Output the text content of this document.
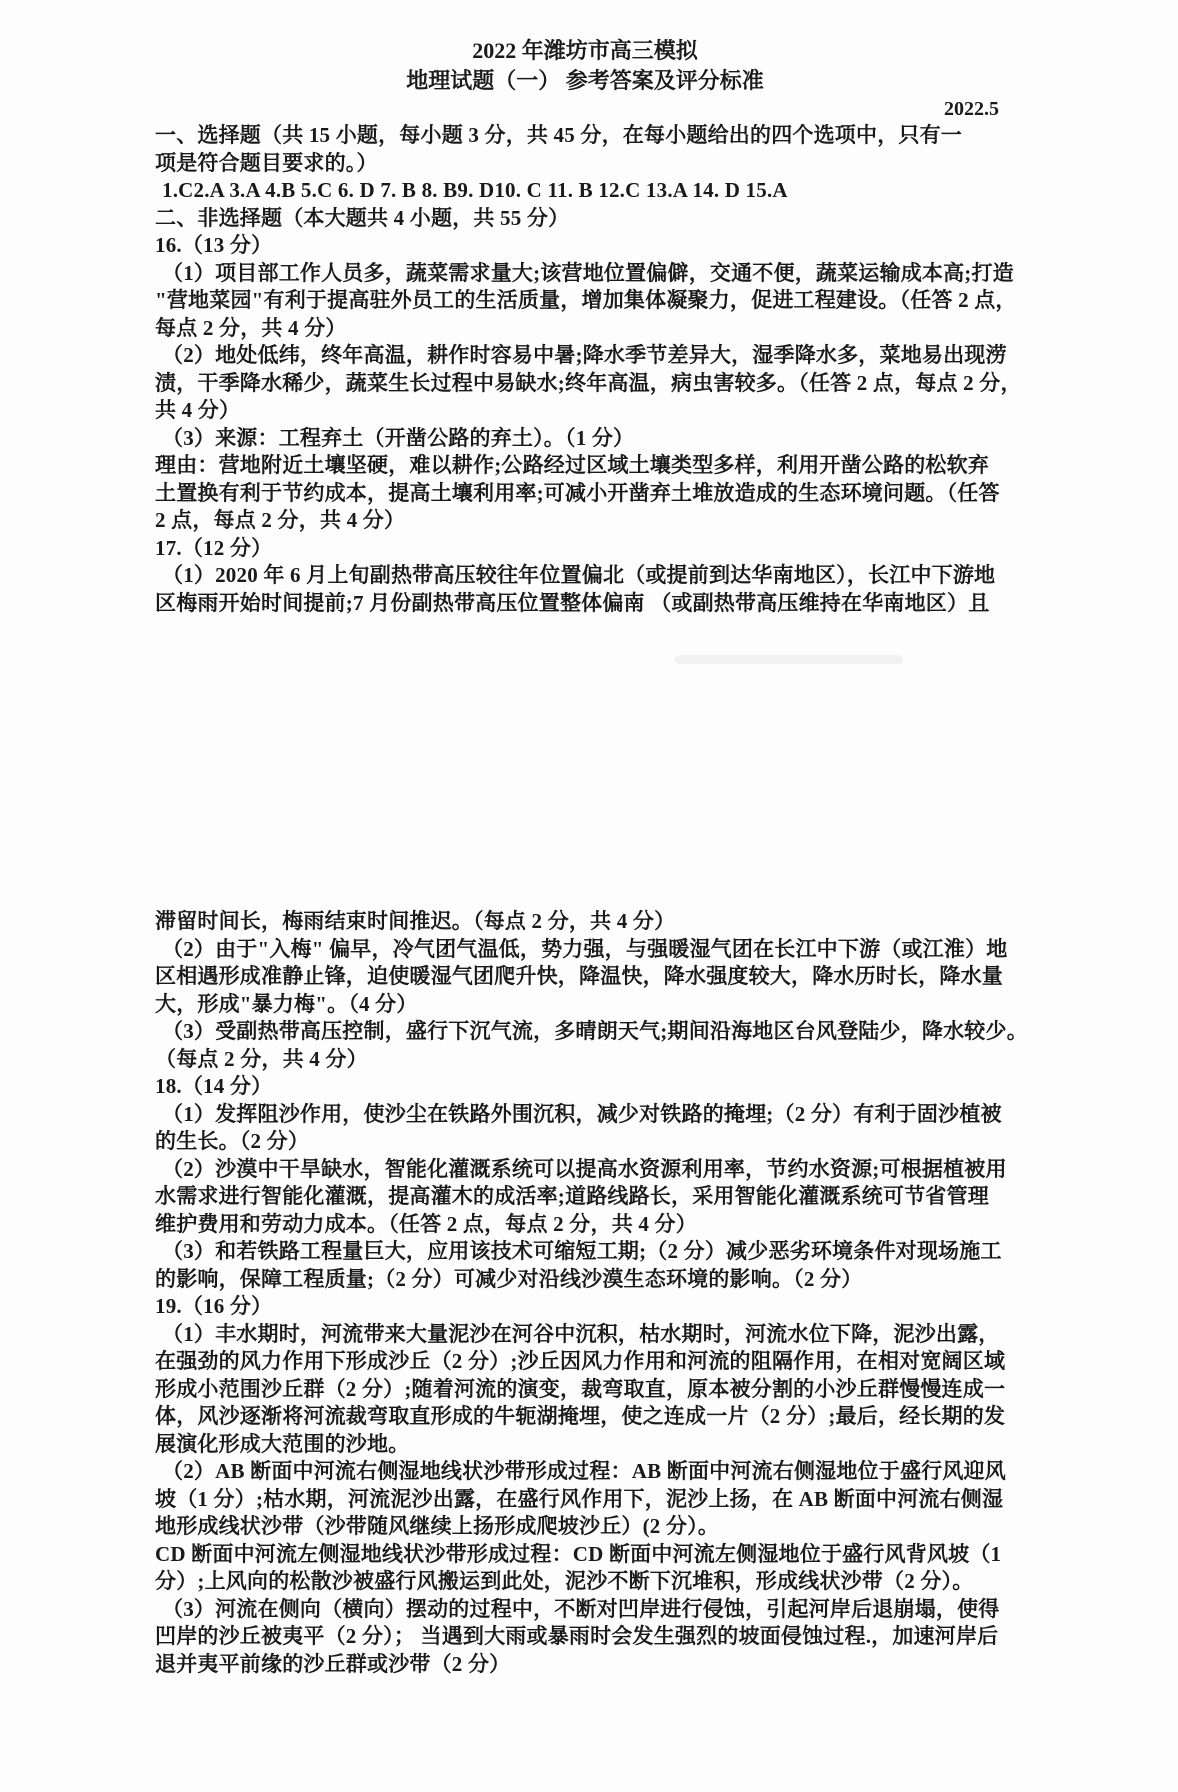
2022 年潍坊市高三模拟
地理试题（一） 参考答案及评分标准
2022.5
一、选择题（共 15 小题，每小题 3 分，共 45 分，在每小题给出的四个选项中，只有一
项是符合题目要求的。）
1.C2.A 3.A 4.B 5.C 6. D 7. B 8. B9. D10. C 11. B 12.C 13.A 14. D 15.A
二、非选择题（本大题共 4 小题，共 55 分）
16.（13 分）
（1）项目部工作人员多，蔬菜需求量大;该营地位置偏僻，交通不便，蔬菜运输成本高;打造
"营地菜园"有利于提高驻外员工的生活质量，增加集体凝聚力，促进工程建设。（任答 2 点，
每点 2 分，共 4 分）
（2）地处低纬，终年高温，耕作时容易中暑;降水季节差异大，湿季降水多，菜地易出现涝
渍，干季降水稀少，蔬菜生长过程中易缺水;终年高温，病虫害较多。（任答 2 点，每点 2 分，
共 4 分）
（3）来源：工程弃土（开凿公路的弃土）。（1 分）
理由：营地附近土壤坚硬，难以耕作;公路经过区域土壤类型多样，利用开凿公路的松软弃
土置换有利于节约成本，提高土壤利用率;可减小开凿弃土堆放造成的生态环境问题。（任答
2 点，每点 2 分，共 4 分）
17.（12 分）
（1）2020 年 6 月上旬副热带高压较往年位置偏北（或提前到达华南地区），长江中下游地
区梅雨开始时间提前;7 月份副热带高压位置整体偏南 （或副热带高压维持在华南地区）且
滞留时间长，梅雨结束时间推迟。（每点 2 分，共 4 分）
（2）由于"入梅" 偏早，冷气团气温低，势力强，与强暖湿气团在长江中下游（或江淮）地
区相遇形成准静止锋，迫使暖湿气团爬升快，降温快，降水强度较大，降水历时长，降水量
大，形成"暴力梅"。（4 分）
（3）受副热带高压控制，盛行下沉气流，多晴朗天气;期间沿海地区台风登陆少，降水较少。
（每点 2 分，共 4 分）
18.（14 分）
（1）发挥阻沙作用，使沙尘在铁路外围沉积，减少对铁路的掩埋;（2 分）有利于固沙植被
的生长。（2 分）
（2）沙漠中干旱缺水，智能化灌溉系统可以提高水资源利用率，节约水资源;可根据植被用
水需求进行智能化灌溉，提高灌木的成活率;道路线路长，采用智能化灌溉系统可节省管理
维护费用和劳动力成本。（任答 2 点，每点 2 分，共 4 分）
（3）和若铁路工程量巨大，应用该技术可缩短工期;（2 分）减少恶劣环境条件对现场施工
的影响，保障工程质量;（2 分）可减少对沿线沙漠生态环境的影响。（2 分）
19.（16 分）
（1）丰水期时，河流带来大量泥沙在河谷中沉积，枯水期时，河流水位下降，泥沙出露，
在强劲的风力作用下形成沙丘（2 分）;沙丘因风力作用和河流的阻隔作用，在相对宽阔区域
形成小范围沙丘群（2 分）;随着河流的演变，裁弯取直，原本被分割的小沙丘群慢慢连成一
体，风沙逐渐将河流裁弯取直形成的牛轭湖掩埋，使之连成一片（2 分）;最后，经长期的发
展演化形成大范围的沙地。
（2）AB 断面中河流右侧湿地线状沙带形成过程：AB 断面中河流右侧湿地位于盛行风迎风
坡（1 分）;枯水期，河流泥沙出露，在盛行风作用下，泥沙上扬，在 AB 断面中河流右侧湿
地形成线状沙带（沙带随风继续上扬形成爬坡沙丘）(2 分）。
CD 断面中河流左侧湿地线状沙带形成过程：CD 断面中河流左侧湿地位于盛行风背风坡（1
分）;上风向的松散沙被盛行风搬运到此处，泥沙不断下沉堆积，形成线状沙带（2 分）。
（3）河流在侧向（横向）摆动的过程中，不断对凹岸进行侵蚀，引起河岸后退崩塌，使得
凹岸的沙丘被夷平（2 分）； 当遇到大雨或暴雨时会发生强烈的坡面侵蚀过程.，加速河岸后
退并夷平前缘的沙丘群或沙带（2 分）
